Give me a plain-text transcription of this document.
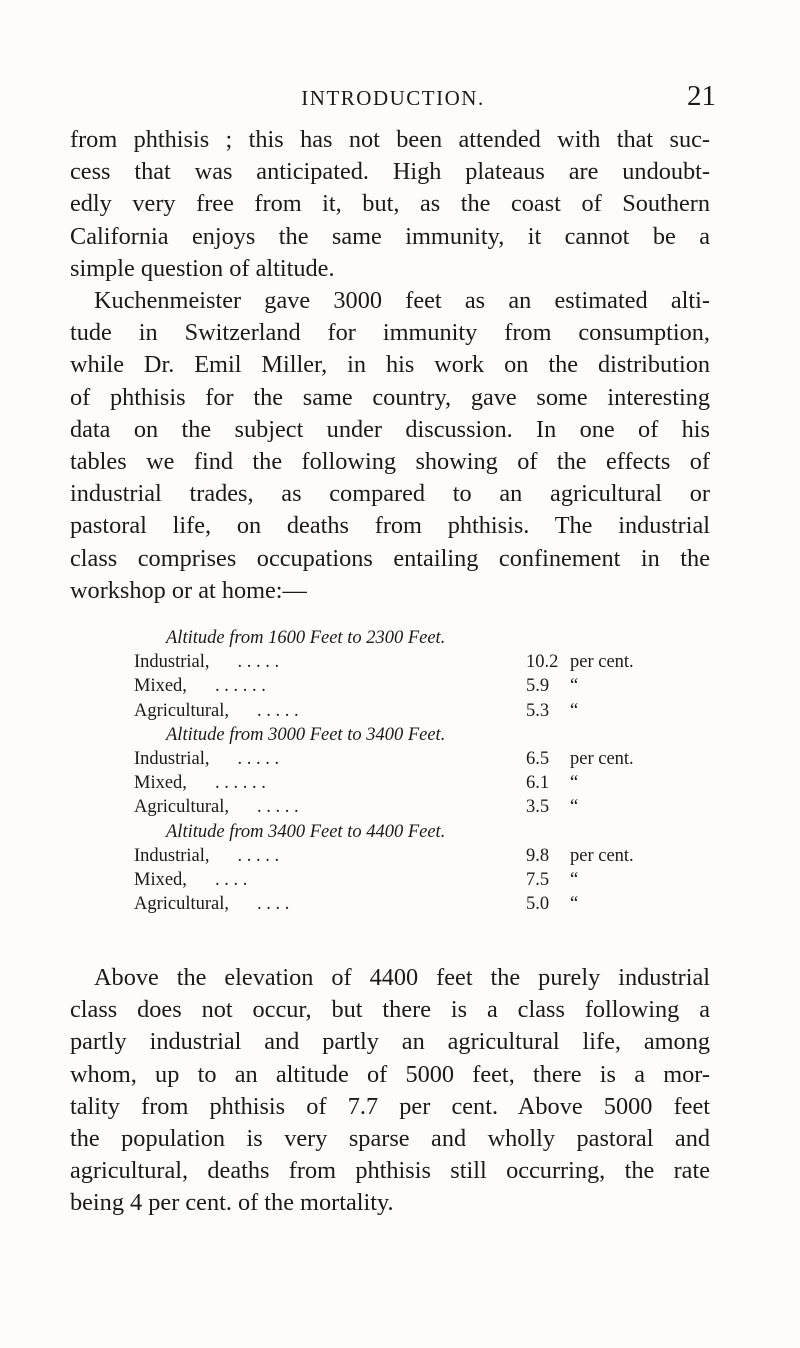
INTRODUCTION.	21
from phthisis ; this has not been attended with that suc-
cess that was anticipated. High plateaus are undoubt-
edly very free from it, but, as the coast of Southern
California enjoys the same immunity, it cannot be a
simple question of altitude.
Kuchenmeister gave 3000 feet as an estimated alti-
tude in Switzerland for immunity from consumption,
while Dr. Emil Miller, in his work on the distribution
of phthisis for the same country, gave some interesting
data on the subject under discussion. In one of his
tables we find the following showing of the effects of
industrial trades, as compared to an agricultural or
pastoral life, on deaths from phthisis. The industrial
class comprises occupations entailing confinement in the
workshop or at home:—
Altitude from 1600 Feet to 2300 Feet.
Industrial, . . . . .	10.2 per cent.
Mixed, . . . . . .	5.9 “
Agricultural, . . . . .	5.3 “
Altitude from 3000 Feet to 3400 Feet.
Industrial, . . . . .	6.5 per cent.
Mixed, . . . . . .	6.1 “
Agricultural, . . . . .	3.5 “
Altitude from 3400 Feet to 4400 Feet.
Industrial, . . . . .	9.8 per cent.
Mixed, . . . .	7.5 “
Agricultural, . . . .	5.0 “
Above the elevation of 4400 feet the purely industrial
class does not occur, but there is a class following a
partly industrial and partly an agricultural life, among
whom, up to an altitude of 5000 feet, there is a mor-
tality from phthisis of 7.7 per cent. Above 5000 feet
the population is very sparse and wholly pastoral and
agricultural, deaths from phthisis still occurring, the rate
being 4 per cent. of the mortality.
